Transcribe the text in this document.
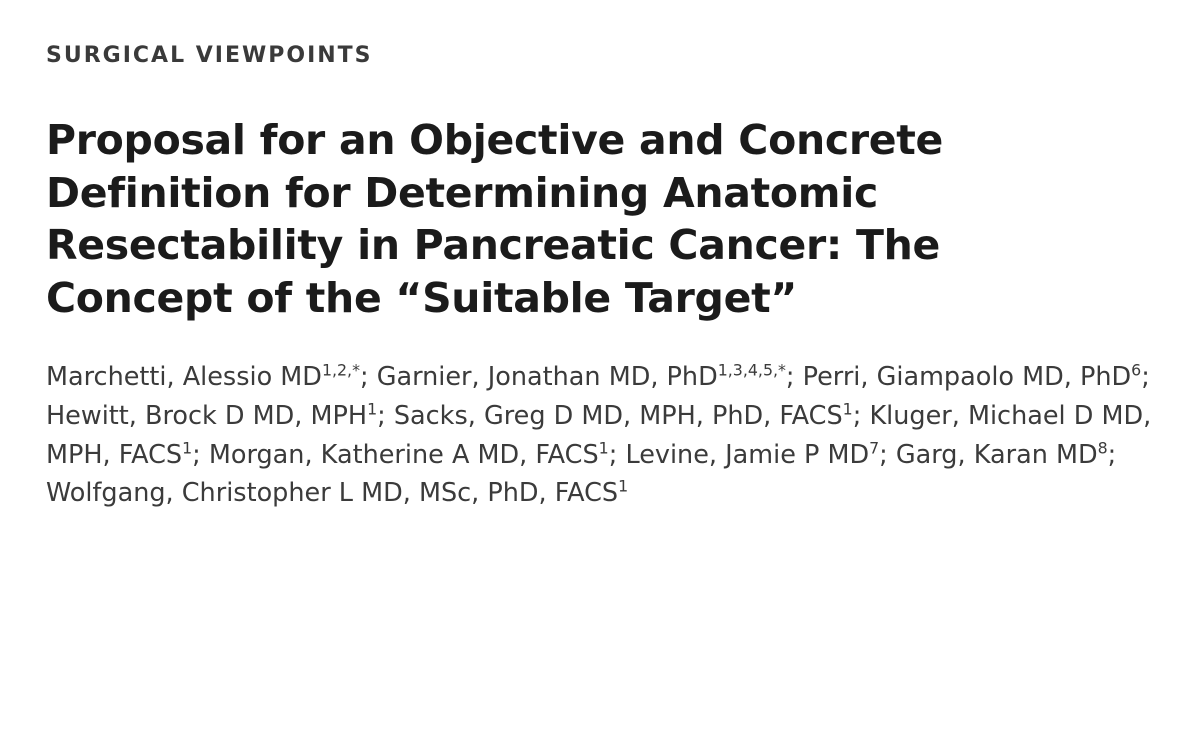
SURGICAL VIEWPOINTS
Proposal for an Objective and Concrete Definition for Determining Anatomic Resectability in Pancreatic Cancer: The Concept of the “Suitable Target”

Marchetti, Alessio $MD^{1,2,*}$; Garnier, Jonathan MD, PhD$^{1,3,4,5,*}$; Perri, Giampaolo MD, PhD$^6$; Hewitt, Brock D MD, MPH$^1$; Sacks, Greg D MD, MPH, PhD, FACS$^1$; Kluger, Michael D MD, MPH, FACS$^1$; Morgan, Katherine A MD, FACS$^1$; Levine, Jamie P $MD^7$; Garg, Karan $MD^8$; Wolfgang, Christopher L MD, MSc, PhD, FACS$^1$
